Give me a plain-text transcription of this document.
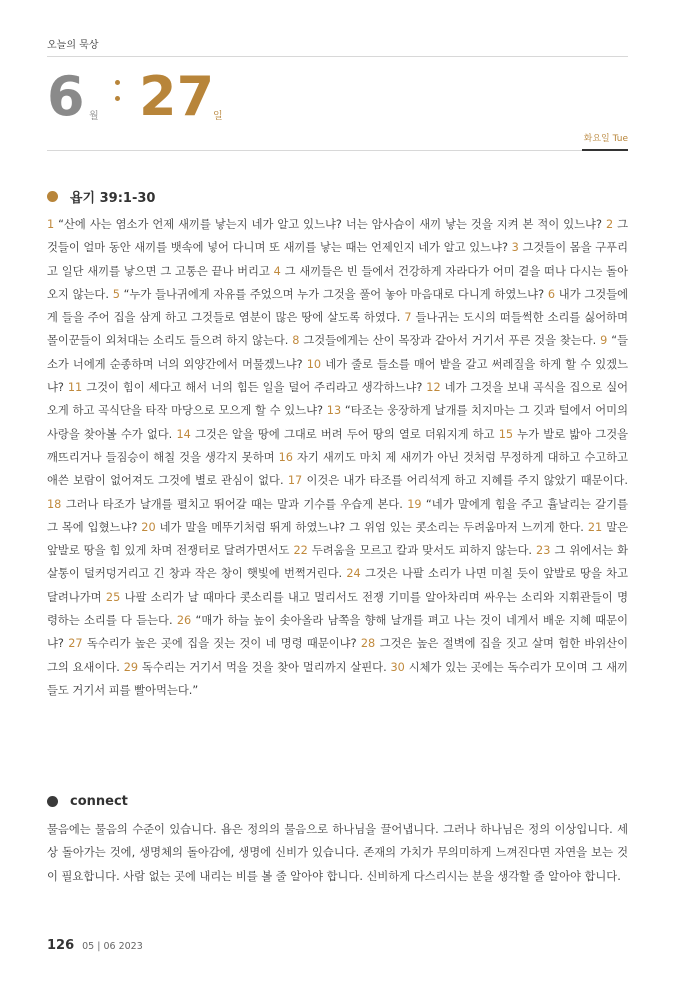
오늘의 묵상
6 월 27
일
화요일 Tue
욥기 39:1-30
1 “산에 사는 염소가 언제 새끼를 낳는지 네가 알고 있느냐? 너는 암사슴이 새끼 낳는 것을 지켜 본 적이 있느냐? 2 그것들이 얼마 동안 새끼를 뱃속에 넣어 다니며 또 새끼를 낳는 때는 언제인지 네가 알고 있느냐? 3 그것들이 몸을 구푸리고 일단 새끼를 낳으면 그 고통은 끝나 버리고 4 그 새끼들은 빈 들에서 건강하게 자라다가 어미 곁을 떠나 다시는 돌아오지 않는다. 5 “누가 들나귀에게 자유를 주었으며 누가 그것을 풀어 놓아 마음대로 다니게 하였느냐? 6 내가 그것들에게 들을 주어 집을 삼게 하고 그것들로 염분이 많은 땅에 살도록 하였다. 7 들나귀는 도시의 떠들썩한 소리를 싫어하며 몰이꾼들이 외쳐대는 소리도 들으려 하지 않는다. 8 그것들에게는 산이 목장과 같아서 거기서 푸른 것을 찾는다. 9 “들소가 너에게 순종하며 너의 외양간에서 머물겠느냐? 10 네가 줄로 들소를 매어 밭을 갈고 써레질을 하게 할 수 있겠느냐? 11 그것이 힘이 세다고 해서 너의 힘든 일을 덜어 주리라고 생각하느냐? 12 네가 그것을 보내 곡식을 집으로 실어 오게 하고 곡식단을 타작 마당으로 모으게 할 수 있느냐? 13 “타조는 웅장하게 날개를 치지마는 그 깃과 털에서 어미의 사랑을 찾아볼 수가 없다. 14 그것은 알을 땅에 그대로 버려 두어 땅의 열로 더워지게 하고 15 누가 발로 밟아 그것을 깨뜨리거나 들짐승이 해칠 것을 생각지 못하며 16 자기 새끼도 마치 제 새끼가 아닌 것처럼 무정하게 대하고 수고하고 애쓴 보람이 없어져도 그것에 별로 관심이 없다. 17 이것은 내가 타조를 어리석게 하고 지혜를 주지 않았기 때문이다. 18 그러나 타조가 날개를 펼치고 뛰어갈 때는 말과 기수를 우습게 본다. 19 “네가 말에게 힘을 주고 휼날리는 갈기를 그 목에 입혔느냐? 20 네가 말을 메뚜기처럼 뛰게 하였느냐? 그 위엄 있는 콧소리는 두려움마저 느끼게 한다. 21 말은 앞발로 땅을 힘 있게 차며 전쟁터로 달려가면서도 22 두려움을 모르고 칼과 맞서도 피하지 않는다. 23 그 위에서는 화살통이 덜커덩거리고 긴 창과 작은 창이 햇빛에 번쩍거린다. 24 그것은 나팔 소리가 나면 미칠 듯이 앞발로 땅을 차고 달려나가며 25 나팔 소리가 날 때마다 콧소리를 내고 멀리서도 전쟁 기미를 알아차리며 싸우는 소리와 지휘관들이 명령하는 소리를 다 듣는다. 26 “매가 하늘 높이 솟아올라 남쪽을 향해 날개를 펴고 나는 것이 네게서 배운 지혜 때문이냐? 27 독수리가 높은 곳에 집을 짓는 것이 네 명령 때문이냐? 28 그것은 높은 절벽에 집을 짓고 살며 험한 바위산이 그의 요새이다. 29 독수리는 거기서 먹을 것을 찾아 멀리까지 살핀다. 30 시체가 있는 곳에는 독수리가 모이며 그 새끼들도 거기서 피를 빨아먹는다.”
connect
물음에는 물음의 수준이 있습니다. 욥은 정의의 물음으로 하나님을 끌어냅니다. 그러나 하나님은 정의 이상입니다. 세상 돌아가는 것에, 생명체의 돌아감에, 생명에 신비가 있습니다. 존재의 가치가 무의미하게 느껴진다면 자연을 보는 것이 필요합니다. 사람 없는 곳에 내리는 비를 볼 줄 알아야 합니다. 신비하게 다스리시는 분을 생각할 줄 알아야 합니다.
126 05 | 06 2023
